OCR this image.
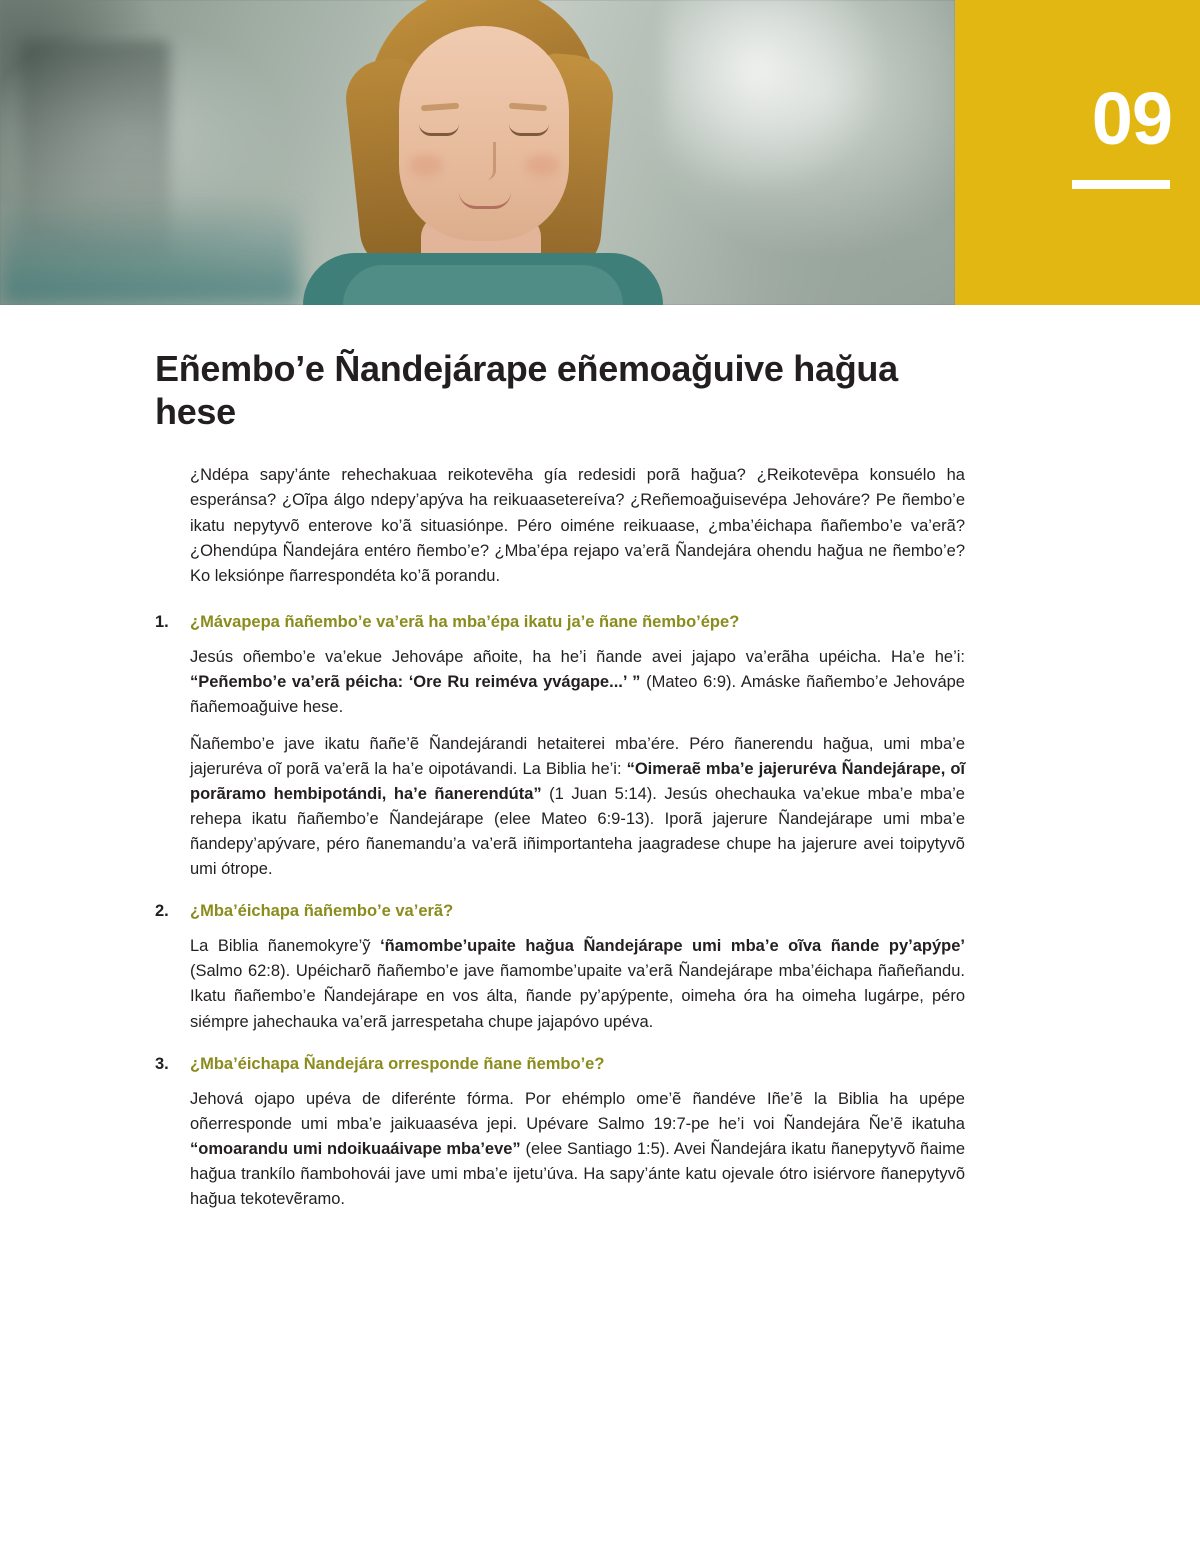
09
Eñembo’e Ñandejárape eñemoağuive hağua hese

¿Ndépa sapy’ánte rehechakuaa reikotevēha gía redesidi porã hağua? ¿Reikotevēpa konsuélo ha esperánsa? ¿Oĩpa álgo ndepy’apýva ha reikuaasetereíva? ¿Reñemoağuisevépa Jehováre? Pe ñembo’e ikatu nepytyvõ enterove ko’ã situasiónpe. Péro oiméne reikuaase, ¿mba’éichapa ñañembo’e va’erã? ¿Ohendúpa Ñandejára entéro ñembo’e? ¿Mba’épa rejapo va’erã Ñandejára ohendu hağua ne ñembo’e? Ko leksiónpe ñarrespondéta ko’ã porandu.

1.	¿Mávapepa ñañembo’e va’erã ha mba’épa ikatu ja’e ñane ñembo’épe?

Jesús oñembo’e va’ekue Jehovápe añoite, ha he’i ñande avei jajapo va’erãha upéicha. Ha’e he’i: “Peñembo’e va’erã péicha: ‘Ore Ru reiméva yvágape...’ ” (Mateo 6:9). Amáske ñañembo’e Jehovápe ñañemoağuive hese.

Ñañembo’e jave ikatu ñañe’ẽ Ñandejárandi hetaiterei mba’ére. Péro ñanerendu hağua, umi mba’e jajeruréva oĩ porã va’erã la ha’e oipotávandi. La Biblia he’i: “Oimeraẽ mba’e jajeruréva Ñandejárape, oĩ porãramo hembipotándi, ha’e ñanerendúta” (1 Juan 5:14). Jesús ohechauka va’ekue mba’e mba’e rehepa ikatu ñañembo’e Ñandejárape (elee Mateo 6:9-13). Iporã jajerure Ñandejárape umi mba’e ñandepy’apývare, péro ñanemandu’a va’erã iñimportanteha jaagradese chupe ha jajerure avei toipytyvõ umi ótrope.

2.	¿Mba’éichapa ñañembo’e va’erã?

La Biblia ñanemokyre’ỹ ‘ñamombe’upaite hağua Ñandejárape umi mba’e oĩva ñande py’apýpe’ (Salmo 62:8). Upéicharõ ñañembo’e jave ñamombe’upaite va’erã Ñandejárape mba’éichapa ñañeñandu. Ikatu ñañembo’e Ñandejárape en vos álta, ñande py’apýpente, oimeha óra ha oimeha lugárpe, péro siémpre jahechauka va’erã jarrespetaha chupe jajapóvo upéva.

3.	¿Mba’éichapa Ñandejára orresponde ñane ñembo’e?

Jehová ojapo upéva de diferénte fórma. Por ehémplo ome’ẽ ñandéve Iñe’ẽ la Biblia ha upépe oñerresponde umi mba’e jaikuaaséva jepi. Upévare Salmo 19:7-pe he’i voi Ñandejára Ñe’ẽ ikatuha “omoarandu umi ndoikuaáivape mba’eve” (elee Santiago 1:5). Avei Ñandejára ikatu ñanepytyvõ ñaime hağua trankílo ñambohovái jave umi mba’e ijetu’úva. Ha sapy’ánte katu ojevale ótro isiérvore ñanepytyvõ hağua tekotevẽramo.
